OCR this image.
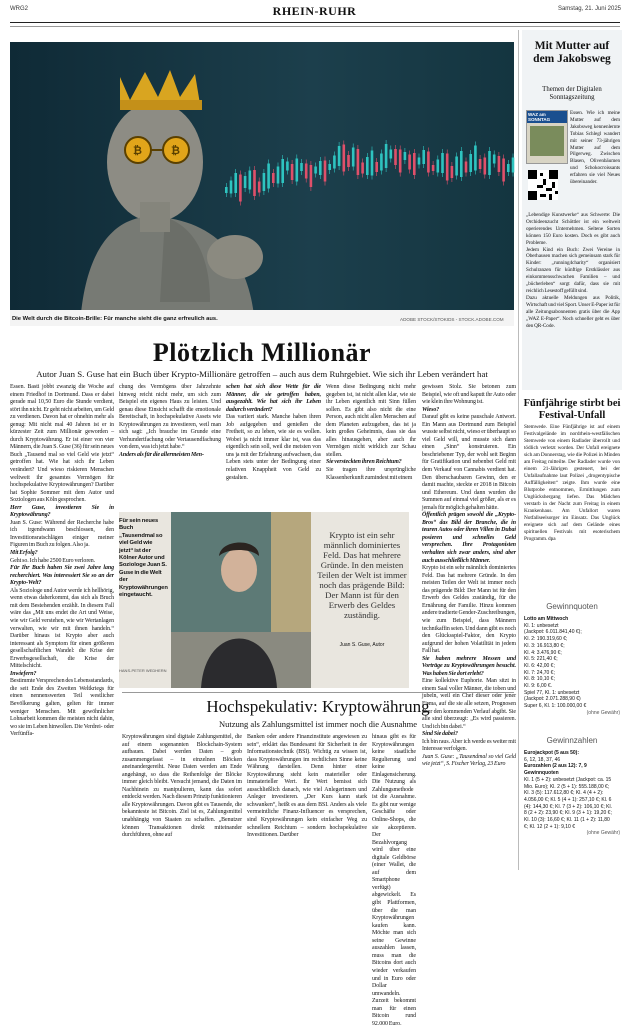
WRG2	RHEIN-RUHR	Samstag, 21. Juni 2025
₿	₿
Die Welt durch die Bitcoin-Brille: Für manche sieht die ganz erfreulich aus.	ADOBE STOCK/STOKIDS - STOCK.ADOBE.COM
Plötzlich Millionär
Autor Juan S. Guse hat ein Buch über Krypto-Millionäre getroffen – auch aus dem Ruhrgebiet. Wie sich ihr Leben verändert hat

Essen. Basti jobbt zwanzig die Woche auf einem Friedhof in Dortmund. Dass er dabei gerade mal 10,50 Euro die Stunde verdient, stört ihn nicht. Er geht nicht arbeiten, um Geld zu verdienen. Davon hat er ohnehin mehr als genug: Mit nicht mal 40 Jahren ist er in kürzester Zeit zum Millionär geworden – durch Kryptowährung. Er ist einer von vier Männern, die Juan S. Guse (36) für sein neues Buch „Tausend mal so viel Geld wie jetzt“ getroffen hat. Wie hat sich ihr Leben verändert? Und wieso riskieren Menschen weltweit ihr gesamtes Vermögen für hochspekulative Kryptowährungen? Darüber hat Sophie Sommer mit dem Autor und Soziologen aus Köln gesprochen.

Herr Guse, investieren Sie in Kryptowährung?

Juan S. Guse: Während der Recherche habe ich irgendwann beschlossen, den Investitionsratschlägen einiger meiner Figuren im Buch zu folgen. Also ja.

Mit Erfolg?

Geht so. Ich habe 2500 Euro verloren.

Für Ihr Buch haben Sie zwei Jahre lang recherchiert. Was interessiert Sie so an der Krypto-Welt?

Als Soziologe und Autor werde ich hellhörig, wenn etwas daherkommt, das sich als Bruch mit dem Bestehenden erzählt. In diesem Fall wäre das „Mit uns endet die Art und Weise, wie wir Geld verstehen, wie wir Wertanlagen verwalten, wie wir mit ihnen handeln.“ Darüber hinaus ist Krypto aber auch interessant als Symptom für einen größeren gesellschaftlichen Wandel: die Krise der Erwerbsgesellschaft, die Krise der Mittelschicht.

Inwiefern?

Bestimmte Versprechen des Lebensstandards, die seit Ende des Zweiten Weltkriegs für einen nennenswerten Teil westlicher Bevölkerung galten, gelten für immer weniger Menschen. Mit gewöhnlicher Lohnarbeit kommen die meisten nicht dahin, wo sie im Leben hinwollen. Die Verdrei- oder Verfünffa-

chung des Vermögens über Jahrzehnte hinweg reicht nicht mehr, um sich zum Beispiel ein eigenes Haus zu leisten. Und genau diese Einsicht schafft die emotionale Bereitschaft, in hochspekulative Assets wie Kryptowährungen zu investieren, weil man sich sagt: „Ich brauche im Grunde eine Verhundertfachung oder Vertausendfachung von dem, was ich jetzt habe.“

Anders als für die allermeisten Men-

schen hat sich diese Wette für die Männer, die sie getroffen haben, ausgezahlt. Wie hat sich ihr Leben dadurch verändert?

Das variiert stark. Manche haben ihren Job aufgegeben und genießen die Freiheit, so zu leben, wie sie es wollen. Wobei ja nicht immer klar ist, was das eigentlich sein soll, weil die meisten von uns ja mit der Erfahrung aufwachsen, das Leben stets unter der Bedingung einer relativen Knappheit von Geld zu gestalten.

Wenn diese Bedingung nicht mehr gegeben ist, ist nicht allen klar, wie sie ihr Leben eigentlich mit Sinn füllen sollen. Es gibt also nicht die eine Person, auch nicht allen Menschen auf dem Planeten aufzugeben, das ist ja kein großes Geheimnis, dass sie das alles hinausgehen, aber auch ihr Vermögen nicht wirklich zur Schau stellen.

Sie versteckten ihren Reichtum?

Sie tragen ihre ursprüngliche Klassenherkunft zumindest mit einem

gewissen Stolz. Sie betonen zum Beispiel, wie oft und kaputt ihr Auto oder wie klein ihre Wohnung ist.

Wieso?

Darauf gibt es keine pauschale Antwort. Ein Mann aus Dortmund zum Beispiel wusste selbst nicht, wieso er überhaupt so viel Geld will, und musste sich dann einen „Sinn“ konstruieren. Ein beschriebener Typ, der wohl seit Beginn für Gratifikation und nebenbei Geld mit dem Verkauf von Cannabis verdient hat. Den überschaubaren Gewinn, den er damit machte, steckte er 2018 in Bitcoin und Ethereum. Und dann wurden die Summen auf einmal viel größer, als er es jemals für möglich gehalten hätte.

Öffentlich prägen sowohl die „Krypto-Bros“ das Bild der Branche, die in teuren Autos oder ihren Villen in Dubai posieren und schnelles Geld versprechen. Ihre Protagonisten verhalten sich zwar anders, sind aber auch ausschließlich Männer.

Krypto ist ein sehr männlich dominiertes Feld. Das hat mehrere Gründe. In den meisten Teilen der Welt ist immer noch das prägende Bild: Der Mann ist für den Erwerb des Geldes zuständig, für die Ernährung der Familie. Hinzu kommen andere tradierte Gender-Zuschreibungen, wie zum Beispiel, dass Männern technikaffin seien. Und dann gibt es noch den Glücksspiel-Faktor, den Krypto aufgrund der hohen Volatilität in jedem Fall hat.

Sie haben mehrere Messen und Vorträge zu Kryptowährungen besucht. Was haben Sie dort erlebt?

Eine kollektive Euphorie. Man sitzt in einem Saal voller Männer, die toben und jubeln, weil ein Chef dieser oder jener Firma, auf die sie alle setzen, Prognosen über den kommenden Verlauf abgibt. Sie alle sind überzeugt: „Es wird passieren. Und ich bin dabei.“

Sind Sie dabei?

Ich bin raus. Aber ich werde es weiter mit Interesse verfolgen.

Juan S. Guse: „Tausendmal so viel Geld wie jetzt“, S. Fischer Verlag, 23 Euro

Für sein neues Buch „Tausendmal so viel Geld wie jetzt“ ist der Kölner Autor und Soziologe Juan S. Guse in die Welt der Kryptowährungen eingetaucht.
HANS-PETER WEDHERN
Krypto ist ein sehr männlich dominiertes Feld. Das hat mehrere Gründe. In den meisten Teilen der Welt ist immer noch das prägende Bild: Der Mann ist für den Erwerb des Geldes zuständig.
Juan S. Guse, Autor
Hochspekulativ: Kryptowährung
Nutzung als Zahlungsmittel ist immer noch die Ausnahme
Kryptowährungen sind digitale Zahlungsmittel, die auf einem sogenannten Blockchain-System aufbauen. Dabei werden Daten – grob zusammengefasst – in einzelnen Blöcken aneinandergereiht. Neue Daten werden am Ende angehängt, so dass die Reihenfolge der Blöcke immer gleich bleibt. Versucht jemand, die Daten im Nachhinein zu manipulieren, kann das sofort entdeckt werden. Nach diesem Prinzip funktionieren alle Kryptowährungen. Davon gibt es Tausende, die bekannteste ist Bitcoin. Ziel ist es, Zahlungsmittel unabhängig von Staaten zu schaffen. „Benutzer können Transaktionen direkt miteinander durchführen, ohne auf
Banken oder andere Finanzinstitute angewiesen zu sein“, erklärt das Bundesamt für Sicherheit in der Informationstechnik (BSI). Wichtig zu wissen ist, dass Kryptowährungen im rechtlichen Sinne keine Währung darstellen. Denn hinter einer Kryptowährung steht kein materieller oder immaterieller Wert. Ihr Wert bemisst sich ausschließlich danach, wie viel Anlegerinnen und Anleger investieren. „Der Kurs kann stark schwanken“, heißt es aus dem BSI. Anders als viele vermeintliche Finanz-Influencer es versprechen, sind Kryptowährungen kein einfacher Weg zu schnellem Reichtum – sondern hochspekulative Investitionen. Darüber
hinaus gibt es für Kryptowährungen keine staatliche Regulierung und keine Einlagensicherung. Die Nutzung als Zahlungsmethode ist die Ausnahme. Es gibt nur wenige Geschäfte oder Online-Shops, die sie akzeptieren. Der Bezahlvorgang wird über eine digitale Geldbörse (einer Wallet, die auf dem Smartphone verfügt) abgewickelt. Es gibt Plattformen, über die man Kryptowährungen kaufen kann. Möchte man sich seine Gewinne auszahlen lassen, muss man die Bitcoins dort auch wieder verkaufen und in Euro oder Dollar umwandeln. Zurzeit bekommt man für einen Bitcoin rund 92.000 Euro.
Mit Mutter auf dem Jakobsweg
Themen der Digitalen Sonntagszeitung
WAZ am SONNTAG
Essen. Wie ich meine Mutter auf dem Jakobsweg kennenlernte Tobias Schlegl wandert mit seiner 73-jährigen Mutter auf dem Pilgerweg. Zwischen Blasen, Olivenbäumen und Schokocroissants erfahren sie viel Neues übereinander.

„Lebendige Kunstwerke“ aus Schwerte: Die Orchideenzucht Schöttler ist ein weltweit operierendes Unternehmen. Seltene Sorten können 150 Euro kosten. Doch es gibt auch Probleme.

Jedem Kind ein Buch: Zwei Vereine in Oberhausen machen sich gemeinsam stark für Kinder: „running4charity“ organisiert Schulranzen für künftige Erstklässler aus einkommensschwachen Familien – und „bücherleben“ sorgt dafür, dass sie mit reichlich Lesestoff gefüllt sind.

Dazu aktuelle Meldungen aus Politik, Wirtschaft und viel Sport. Unser E-Paper ist für alle Zeitungsabonnenten gratis über die App „WAZ E-Paper“. Noch schneller geht es über den QR-Code.

Fünfjährige stirbt bei Festival-Unfall
Stemwede. Eine Fünfjährige ist auf einem Festivalgelände im nordrhein-westfälischen Stemwede von einem Radlader überrollt und tödlich verletzt worden. Der Unfall ereignete sich am Donnerstag, wie die Polizei in Minden am Freitag mitteilte. Der Radlader wurde von einem 21-Jährigen gesteuert, bei der Unfallaufnahme laut Polizei „drogentypische Auffälligkeiten“ zeigte. Ihm wurde eine Blutprobe entnommen, Ermittlungen zum Unglückshergang liefen. Das Mädchen verstarb in der Nacht zum Freitag in einem Krankenhaus. Am Unfallort waren Notfallseelsorger im Einsatz. Das Unglück ereignete sich auf dem Gelände eines spirituellen Festivals mit esoterischem Programm. dpa
Gewinnquoten
Lotto am Mittwoch
Kl. 1: unbesetzt
(Jackpot: 6.011.841,40 €);
Kl. 2: 190.319,60 €;
Kl. 3: 16.913,80 €;
Kl. 4: 3.476,90 €;
Kl. 5: 221,40 €;
Kl. 6: 42,00 €;
Kl. 7: 24,70 €;
Kl. 8: 10,10 €;
Kl. 9: 6,00 €.
Spiel 77, Kl. 1: unbesetzt
(Jackpot: 2.071.288,90 €)
Super 6, Kl. 1: 100.000,00 €
(ohne Gewähr)
Gewinnzahlen
Eurojackpot (5 aus 50):
6, 12, 18, 37, 46
Eurozahlen (2 aus 12): 7, 9
Gewinnquoten
Kl. 1 (5 + 2): unbesetzt (Jackpot: ca. 15
Mio. Euro); Kl. 2 (5 + 1): 555.188,00 €;
Kl. 3 (5): 117.612,80 €; Kl. 4 (4 + 2):
4.056,00 €; Kl. 5 (4 + 1): 257,10 €; Kl. 6
(4): 144,30 €; Kl. 7 (3 + 2): 106,10 €; Kl.
8 (2 + 2): 23,90 €; Kl. 9 (3 + 1): 19,20 €;
Kl. 10 (3): 16,60 €; Kl. 11 (1 + 2): 11,80
€; Kl. 12 (2 + 1): 9,10 €
(ohne Gewähr)
